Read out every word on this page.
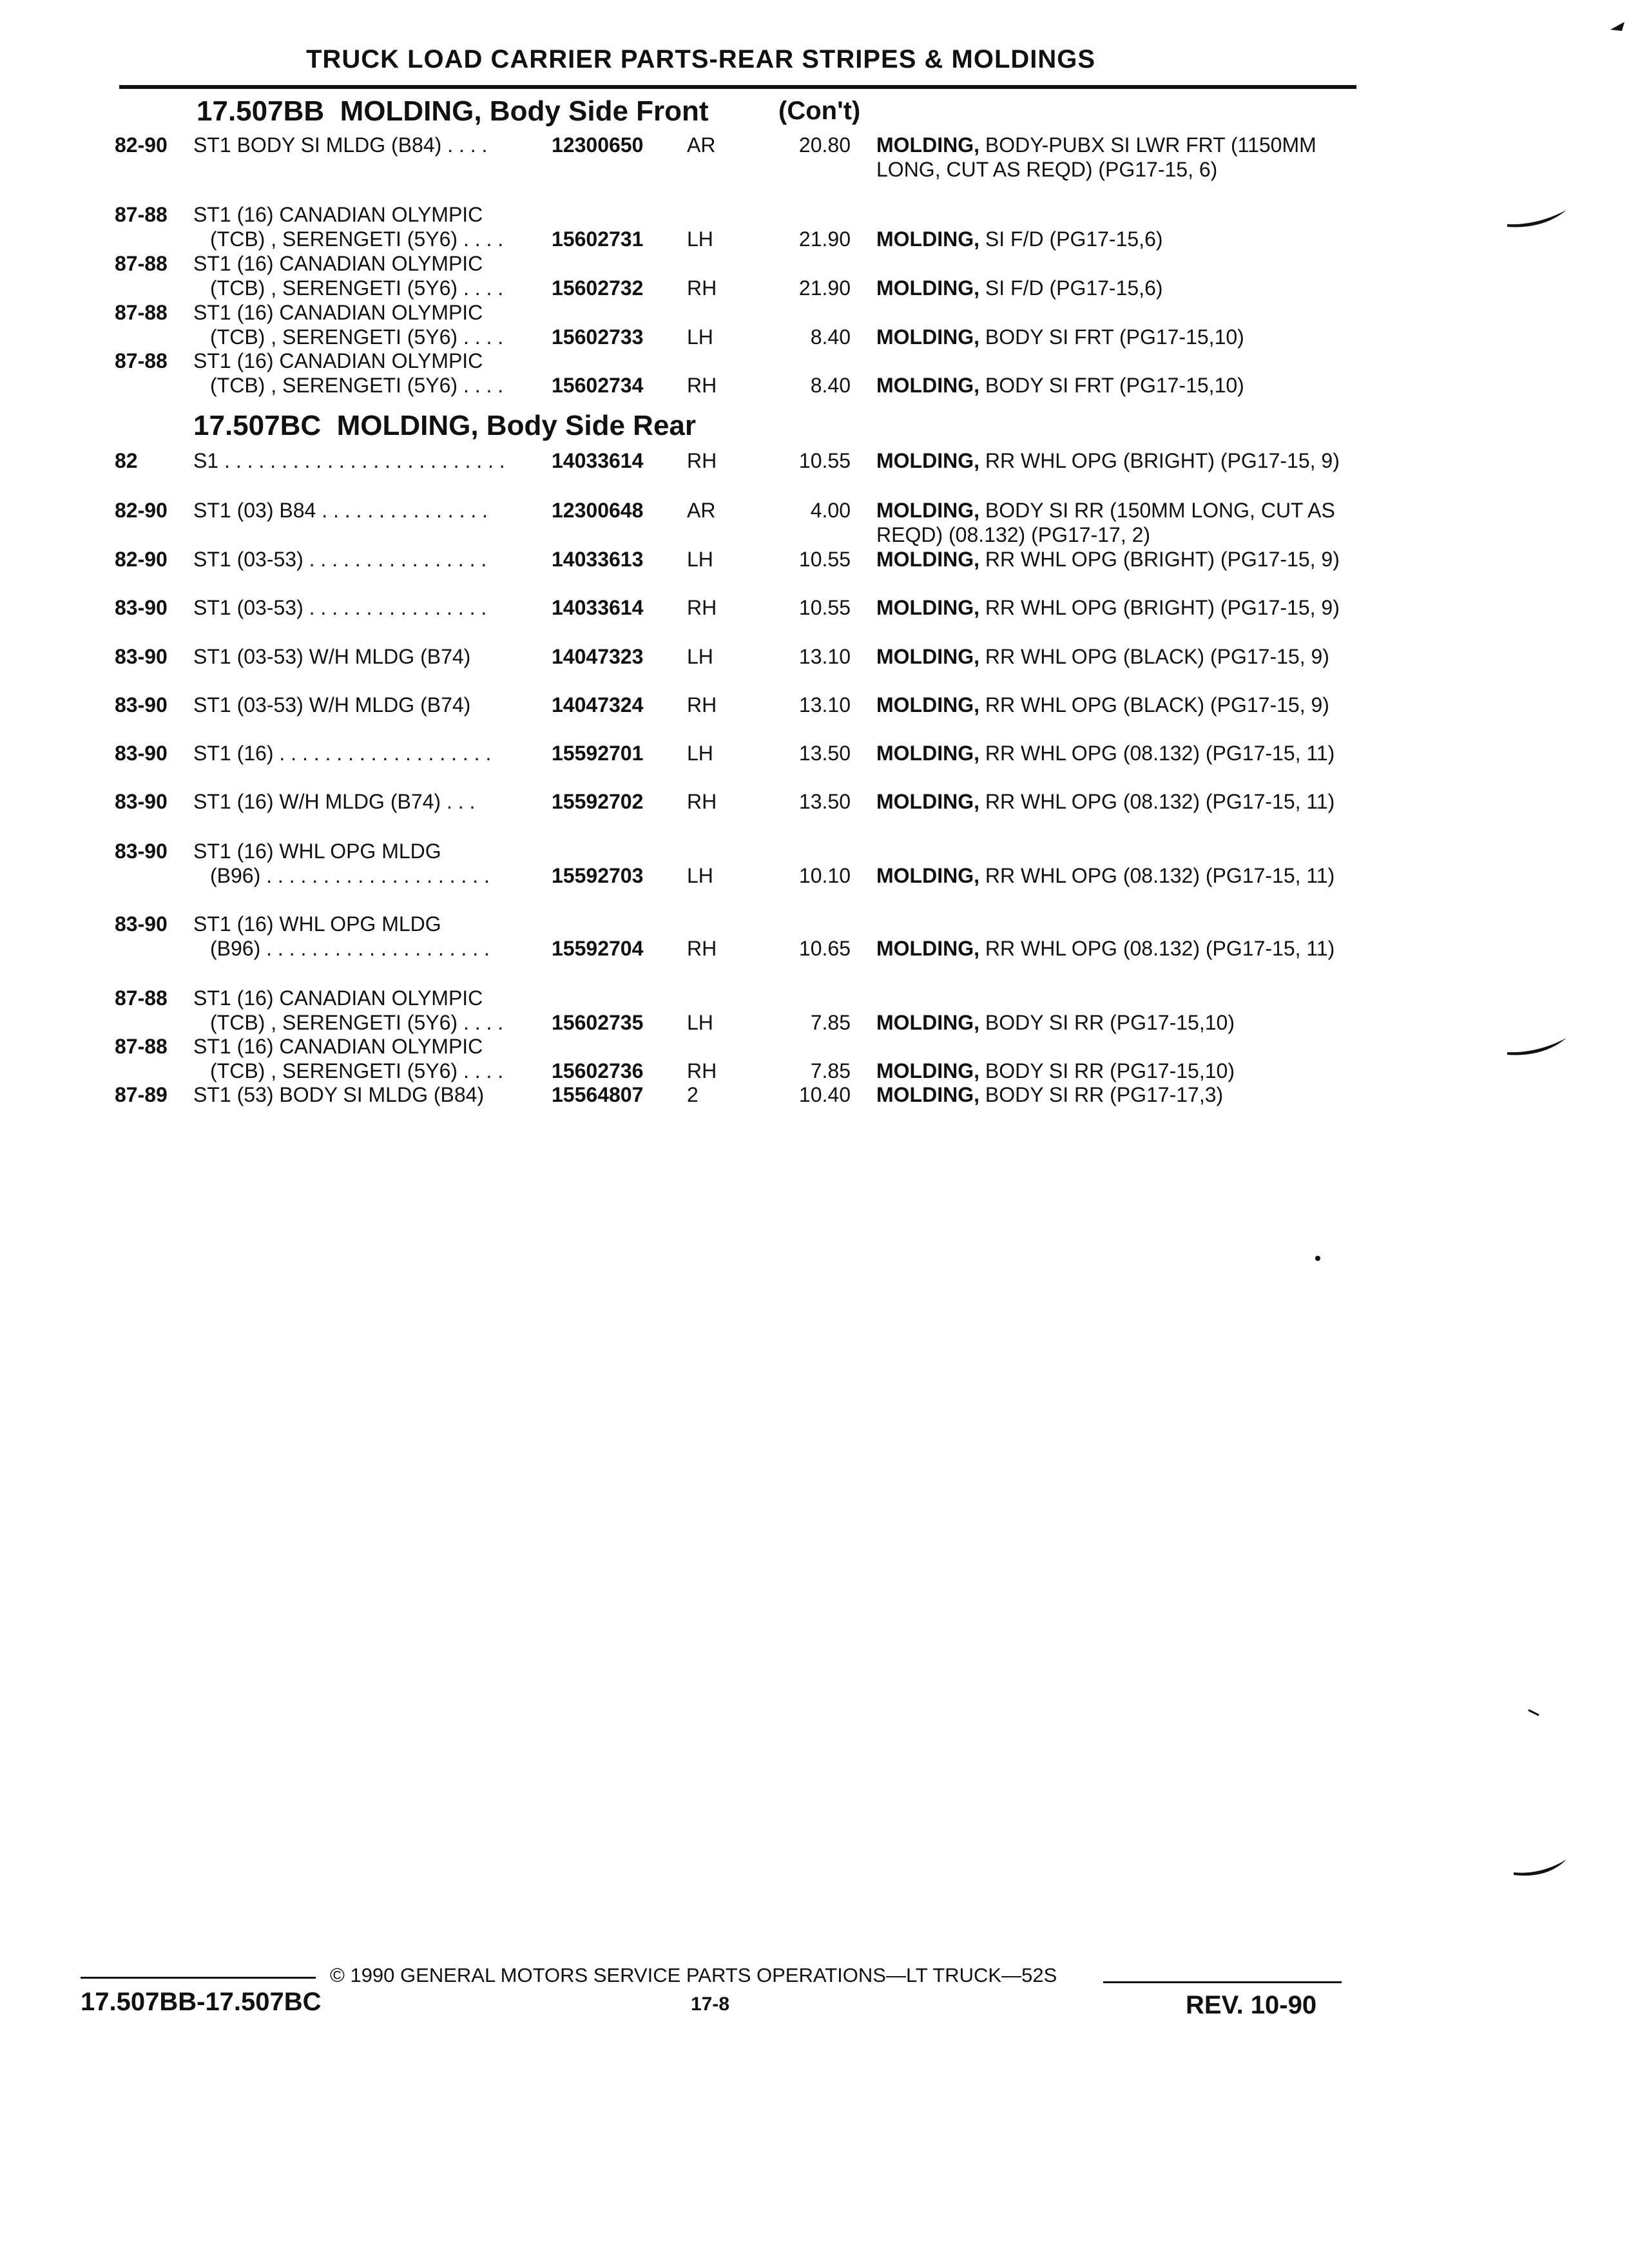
TRUCK LOAD CARRIER PARTS-REAR STRIPES & MOLDINGS
17.507BB MOLDING, Body Side Front	(Con't)
82-90 ST1 BODY SI MLDG (B84) . . . .	12300650 AR	20.80 MOLDING, BODY-PUBX SI LWR FRT (1150MM LONG, CUT AS REQD) (PG17-15, 6)
87-88 ST1 (16) CANADIAN OLYMPIC
(TCB) , SERENGETI (5Y6) . . . . 15602731 LH	21.90 MOLDING, SI F/D (PG17-15,6)
87-88 ST1 (16) CANADIAN OLYMPIC
(TCB) , SERENGETI (5Y6) . . . . 15602732 RH	21.90 MOLDING, SI F/D (PG17-15,6)
87-88 ST1 (16) CANADIAN OLYMPIC
(TCB) , SERENGETI (5Y6) . . . . 15602733 LH	8.40 MOLDING, BODY SI FRT (PG17-15,10)
87-88 ST1 (16) CANADIAN OLYMPIC
(TCB) , SERENGETI (5Y6) . . . . 15602734 RH	8.40 MOLDING, BODY SI FRT (PG17-15,10)
17.507BC MOLDING, Body Side Rear
82	S1 . . . . . . . . . . . . . . . . . . . . . . . . . 14033614 RH	10.55 MOLDING, RR WHL OPG (BRIGHT) (PG17-15, 9)
82-90 ST1 (03) B84 . . . . . . . . . . . . . . .	12300648 AR	4.00 MOLDING, BODY SI RR (150MM LONG, CUT AS REQD) (08.132) (PG17-17, 2)
82-90 ST1 (03-53) . . . . . . . . . . . . . . . .	14033613 LH	10.55 MOLDING, RR WHL OPG (BRIGHT) (PG17-15, 9)
83-90 ST1 (03-53) . . . . . . . . . . . . . . . .	14033614 RH	10.55 MOLDING, RR WHL OPG (BRIGHT) (PG17-15, 9)
83-90 ST1 (03-53) W/H MLDG (B74)	14047323 LH	13.10 MOLDING, RR WHL OPG (BLACK) (PG17-15, 9)
83-90 ST1 (03-53) W/H MLDG (B74)	14047324 RH	13.10 MOLDING, RR WHL OPG (BLACK) (PG17-15, 9)
83-90 ST1 (16) . . . . . . . . . . . . . . . . . . .	15592701 LH	13.50 MOLDING, RR WHL OPG (08.132) (PG17-15, 11)
83-90 ST1 (16) W/H MLDG (B74) . . .	15592702 RH	13.50 MOLDING, RR WHL OPG (08.132) (PG17-15, 11)
83-90 ST1 (16) WHL OPG MLDG
(B96) . . . . . . . . . . . . . . . . . . . .	15592703 LH	10.10 MOLDING, RR WHL OPG (08.132) (PG17-15, 11)
83-90 ST1 (16) WHL OPG MLDG
(B96) . . . . . . . . . . . . . . . . . . . .	15592704 RH	10.65 MOLDING, RR WHL OPG (08.132) (PG17-15, 11)
87-88 ST1 (16) CANADIAN OLYMPIC
(TCB) , SERENGETI (5Y6) . . . . 15602735 LH	7.85 MOLDING, BODY SI RR (PG17-15,10)
87-88 ST1 (16) CANADIAN OLYMPIC
(TCB) , SERENGETI (5Y6) . . . . 15602736 RH	7.85 MOLDING, BODY SI RR (PG17-15,10)
87-89 ST1 (53) BODY SI MLDG (B84)	15564807 2	10.40 MOLDING, BODY SI RR (PG17-17,3)
© 1990 GENERAL MOTORS SERVICE PARTS OPERATIONS—LT TRUCK—52S
17.507BB-17.507BC	17-8	REV. 10-90
